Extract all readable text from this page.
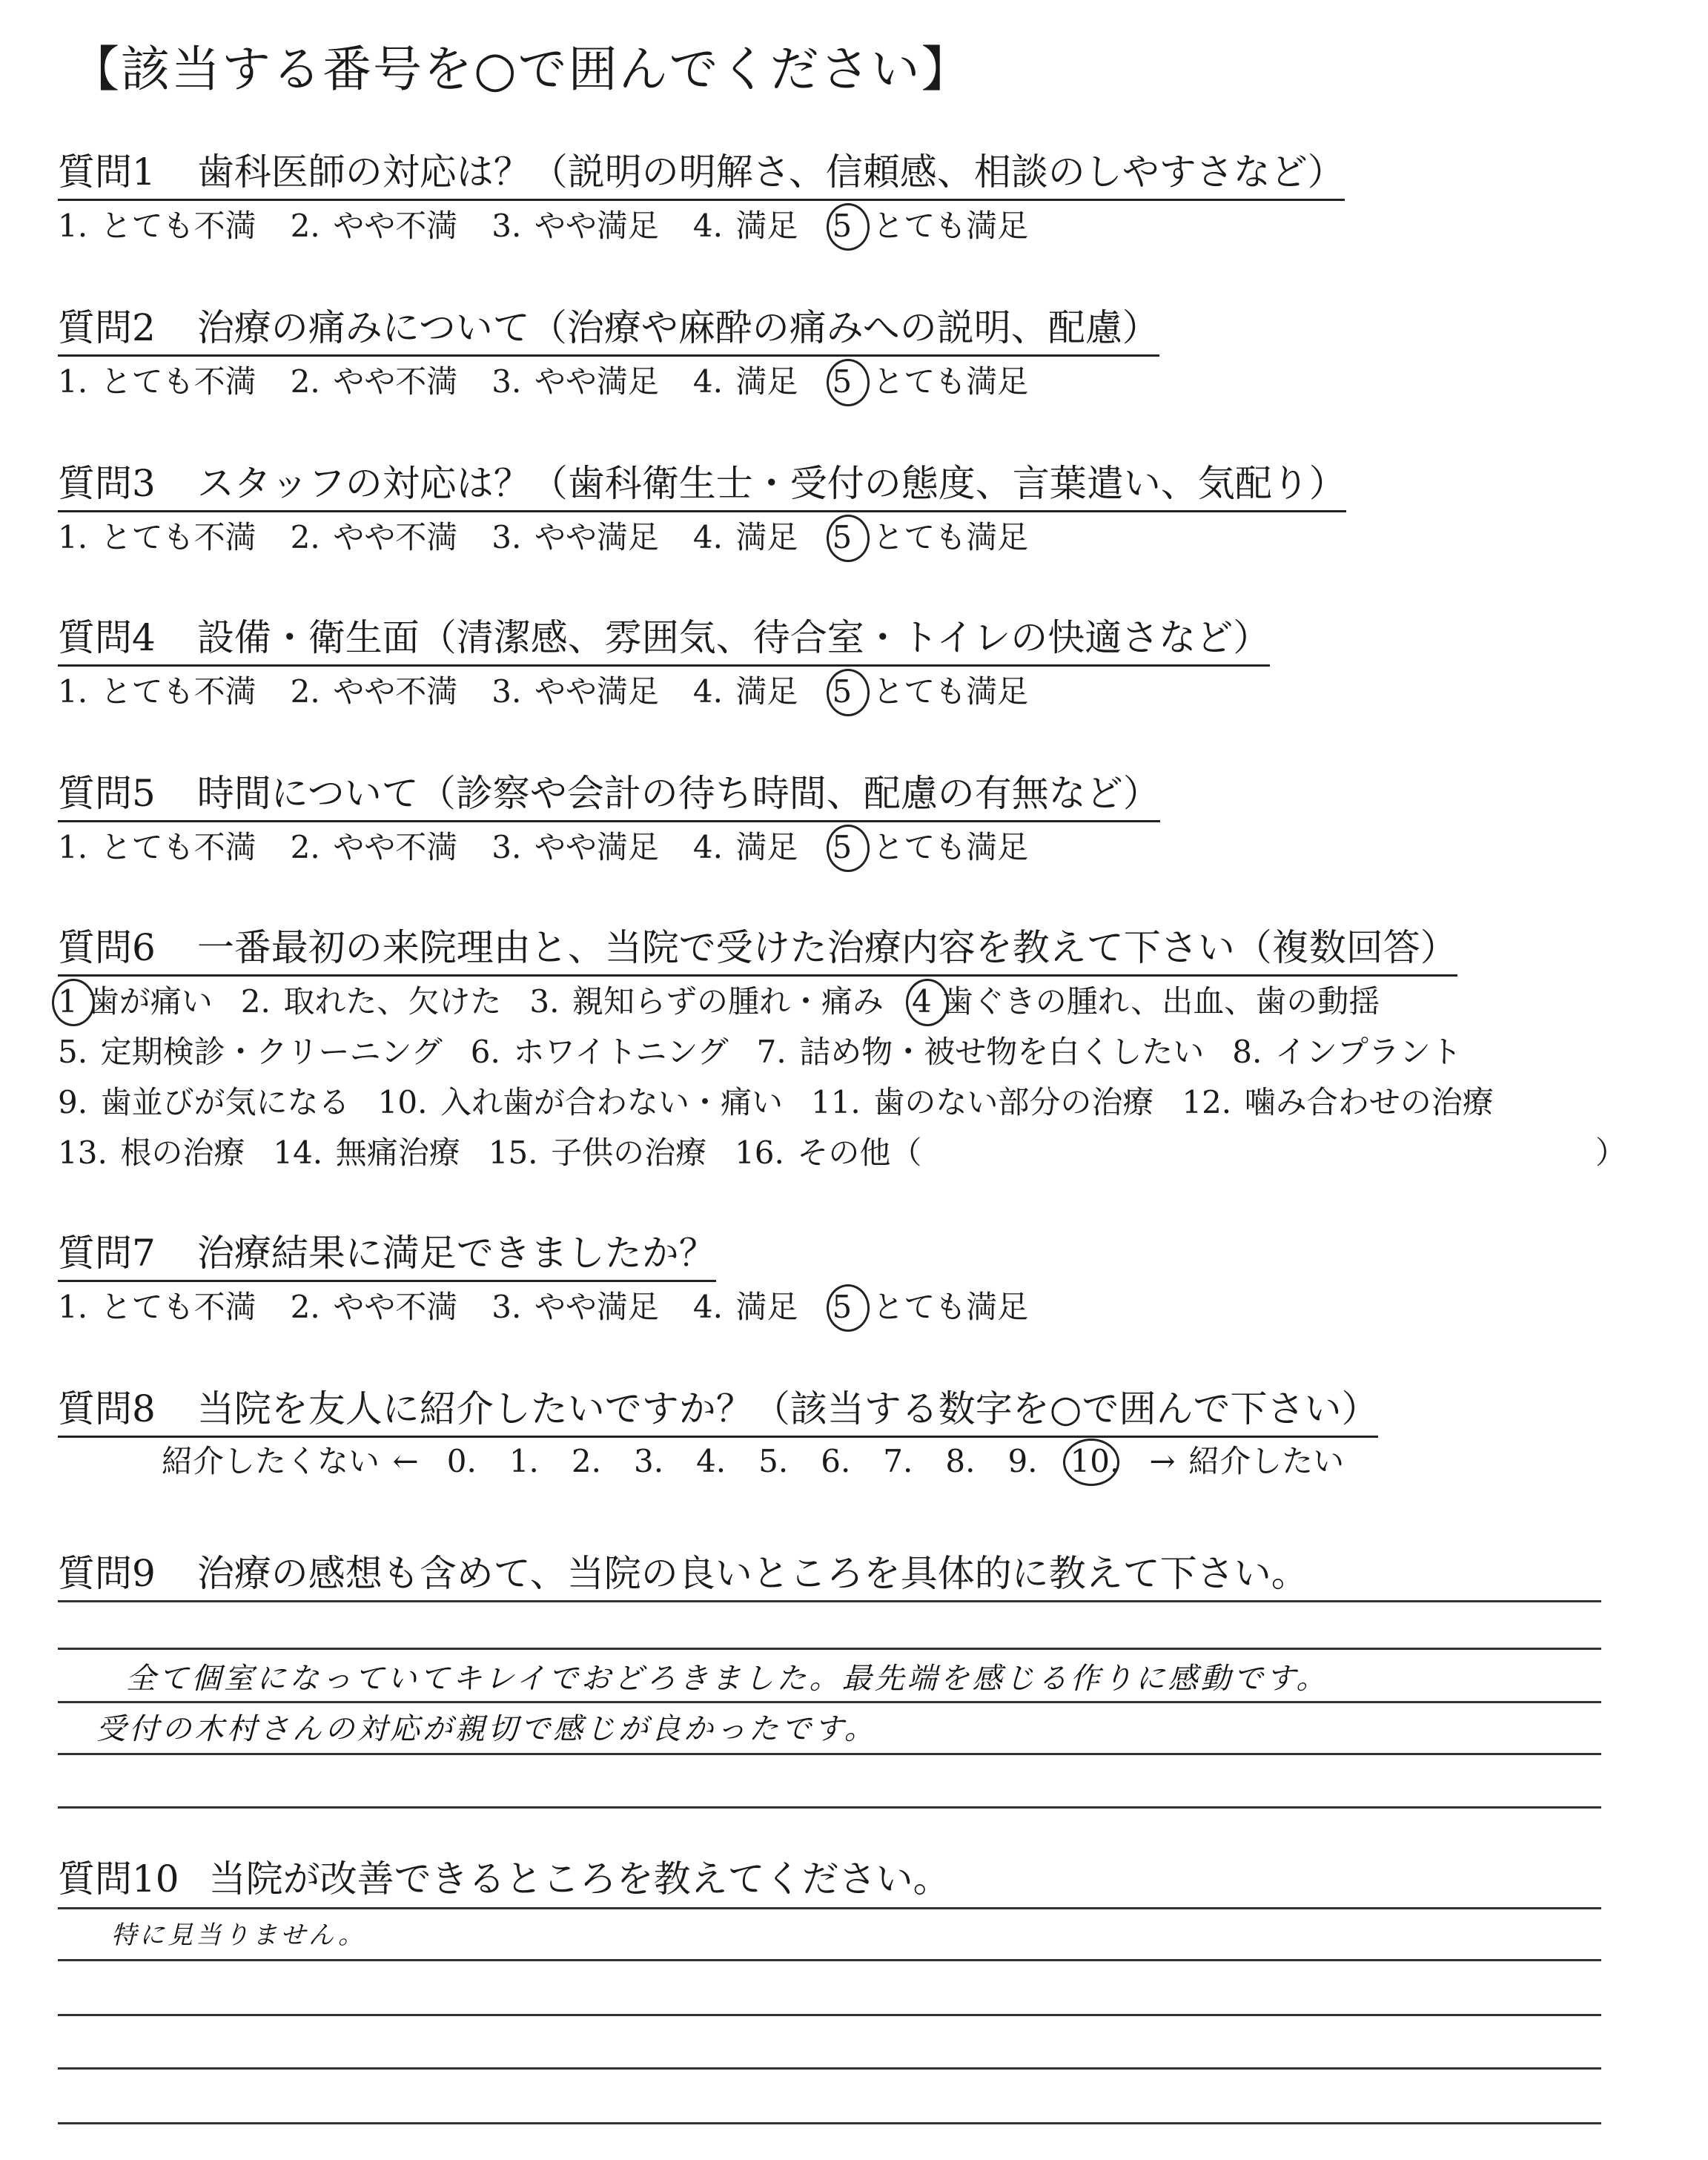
【該当する番号を○で囲んでください】
質問1 歯科医師の対応は？（説明の明解さ、信頼感、相談のしやすさなど）
1. とても不満 2. やや不満 3. やや満足 4. 満足 5 とても満足
質問2 治療の痛みについて（治療や麻酔の痛みへの説明、配慮）
1. とても不満 2. やや不満 3. やや満足 4. 満足 5 とても満足
質問3 スタッフの対応は？（歯科衛生士・受付の態度、言葉遣い、気配り）
1. とても不満 2. やや不満 3. やや満足 4. 満足 5 とても満足
質問4 設備・衛生面（清潔感、雰囲気、待合室・トイレの快適さなど）
1. とても不満 2. やや不満 3. やや満足 4. 満足 5 とても満足
質問5 時間について（診察や会計の待ち時間、配慮の有無など）
1. とても不満 2. やや不満 3. やや満足 4. 満足 5 とても満足
質問6 一番最初の来院理由と、当院で受けた治療内容を教えて下さい（複数回答）
1 歯が痛い 2. 取れた、欠けた 3. 親知らずの腫れ・痛み 4 歯ぐきの腫れ、出血、歯の動揺
5. 定期検診・クリーニング 6. ホワイトニング 7. 詰め物・被せ物を白くしたい 8. インプラント
9. 歯並びが気になる 10. 入れ歯が合わない・痛い 11. 歯のない部分の治療 12. 噛み合わせの治療
13. 根の治療 14. 無痛治療 15. 子供の治療 16. その他（	）
質問7 治療結果に満足できましたか？
1. とても不満 2. やや不満 3. やや満足 4. 満足 5 とても満足
質問8 当院を友人に紹介したいですか？（該当する数字を○で囲んで下さい）
紹介したくない ← 0. 1. 2. 3. 4. 5. 6. 7. 8. 9. 10. → 紹介したい
質問9 治療の感想も含めて、当院の良いところを具体的に教えて下さい。
全て個室になっていてキレイでおどろきました。最先端を感じる作りに感動です。
受付の木村さんの対応が親切で感じが良かったです。
質問10 当院が改善できるところを教えてください。
特に見当りません。
